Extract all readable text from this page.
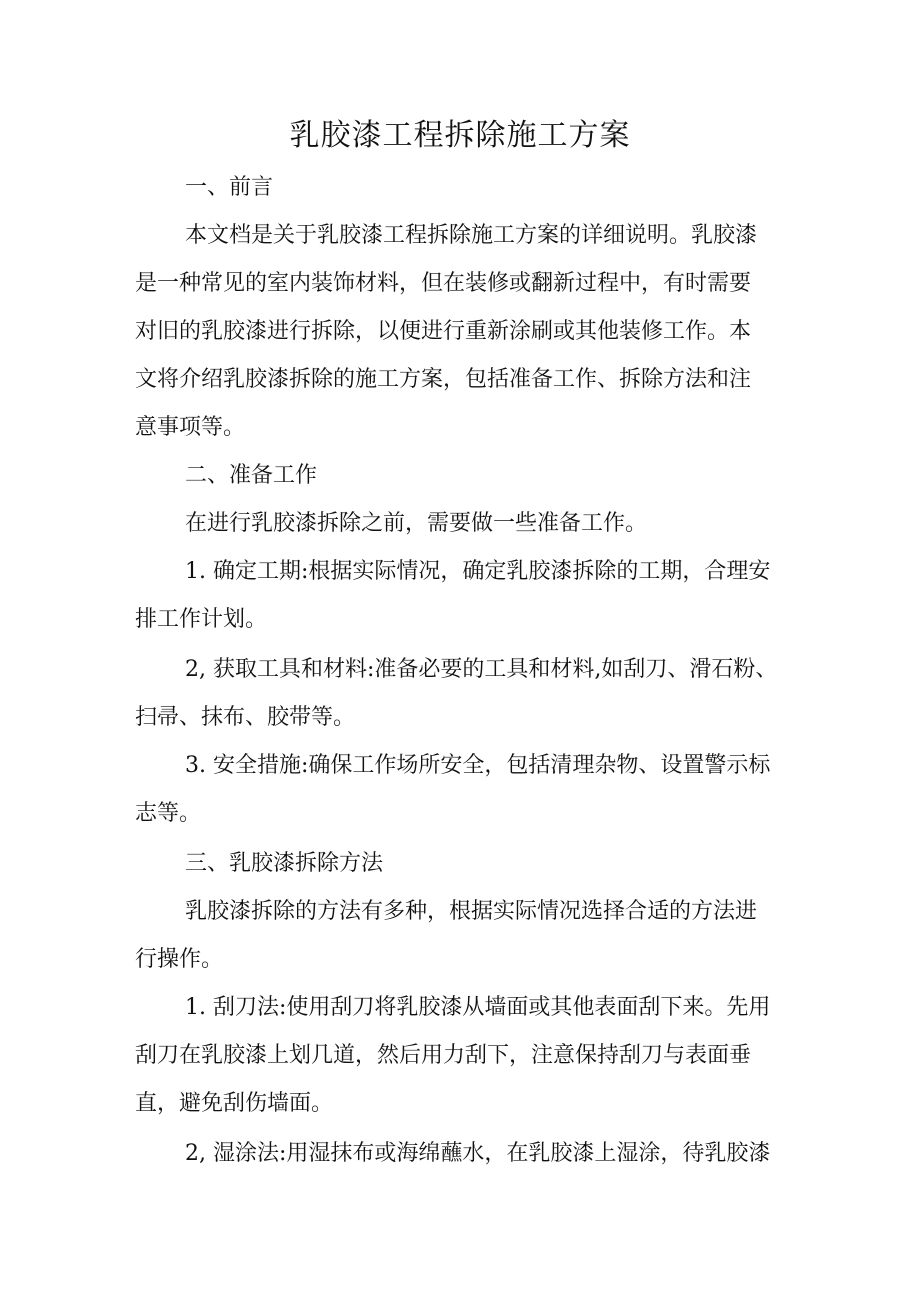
乳胶漆工程拆除施工方案
一、前言
本文档是关于乳胶漆工程拆除施工方案的详细说明。乳胶漆
是一种常见的室内装饰材料，但在装修或翻新过程中，有时需要
对旧的乳胶漆进行拆除，以便进行重新涂刷或其他装修工作。本
文将介绍乳胶漆拆除的施工方案，包括准备工作、拆除方法和注
意事项等。
二、准备工作
在进行乳胶漆拆除之前，需要做一些准备工作。
1. 确定工期:根据实际情况，确定乳胶漆拆除的工期，合理安
排工作计划。
2, 获取工具和材料:准备必要的工具和材料,如刮刀、滑石粉、
扫帚、抹布、胶带等。
3. 安全措施:确保工作场所安全，包括清理杂物、设置警示标
志等。
三、乳胶漆拆除方法
乳胶漆拆除的方法有多种，根据实际情况选择合适的方法进
行操作。
1. 刮刀法:使用刮刀将乳胶漆从墙面或其他表面刮下来。先用
刮刀在乳胶漆上划几道，然后用力刮下，注意保持刮刀与表面垂
直，避免刮伤墙面。
2, 湿涂法:用湿抹布或海绵蘸水，在乳胶漆上湿涂，待乳胶漆
